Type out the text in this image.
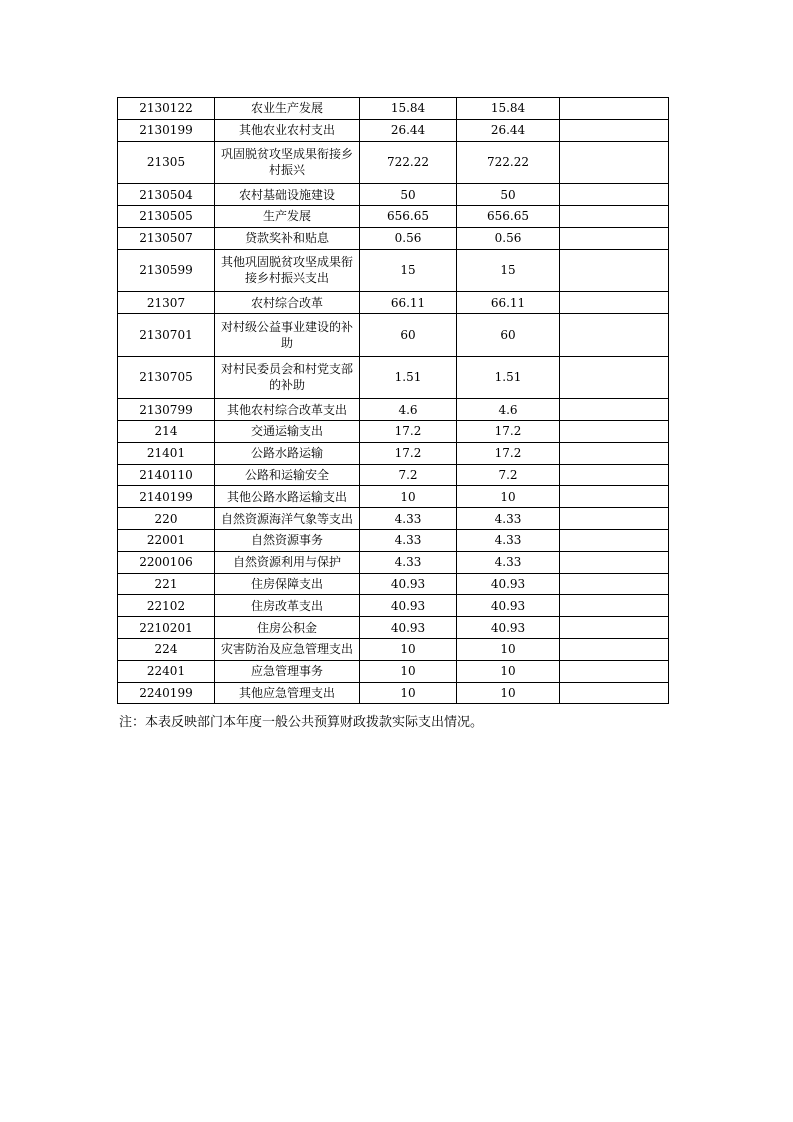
2130122	农业生产发展	15.84	15.84	
2130199	其他农业农村支出	26.44	26.44	
21305	巩固脱贫攻坚成果衔接乡村振兴	722.22	722.22	
2130504	农村基础设施建设	50	50	
2130505	生产发展	656.65	656.65	
2130507	贷款奖补和贴息	0.56	0.56	
2130599	其他巩固脱贫攻坚成果衔接乡村振兴支出	15	15	
21307	农村综合改革	66.11	66.11	
2130701	对村级公益事业建设的补助	60	60	
2130705	对村民委员会和村党支部的补助	1.51	1.51	
2130799	其他农村综合改革支出	4.6	4.6	
214	交通运输支出	17.2	17.2	
21401	公路水路运输	17.2	17.2	
2140110	公路和运输安全	7.2	7.2	
2140199	其他公路水路运输支出	10	10	
220	自然资源海洋气象等支出	4.33	4.33	
22001	自然资源事务	4.33	4.33	
2200106	自然资源利用与保护	4.33	4.33	
221	住房保障支出	40.93	40.93	
22102	住房改革支出	40.93	40.93	
2210201	住房公积金	40.93	40.93	
224	灾害防治及应急管理支出	10	10	
22401	应急管理事务	10	10	
2240199	其他应急管理支出	10	10	
注：本表反映部门本年度一般公共预算财政拨款实际支出情况。
